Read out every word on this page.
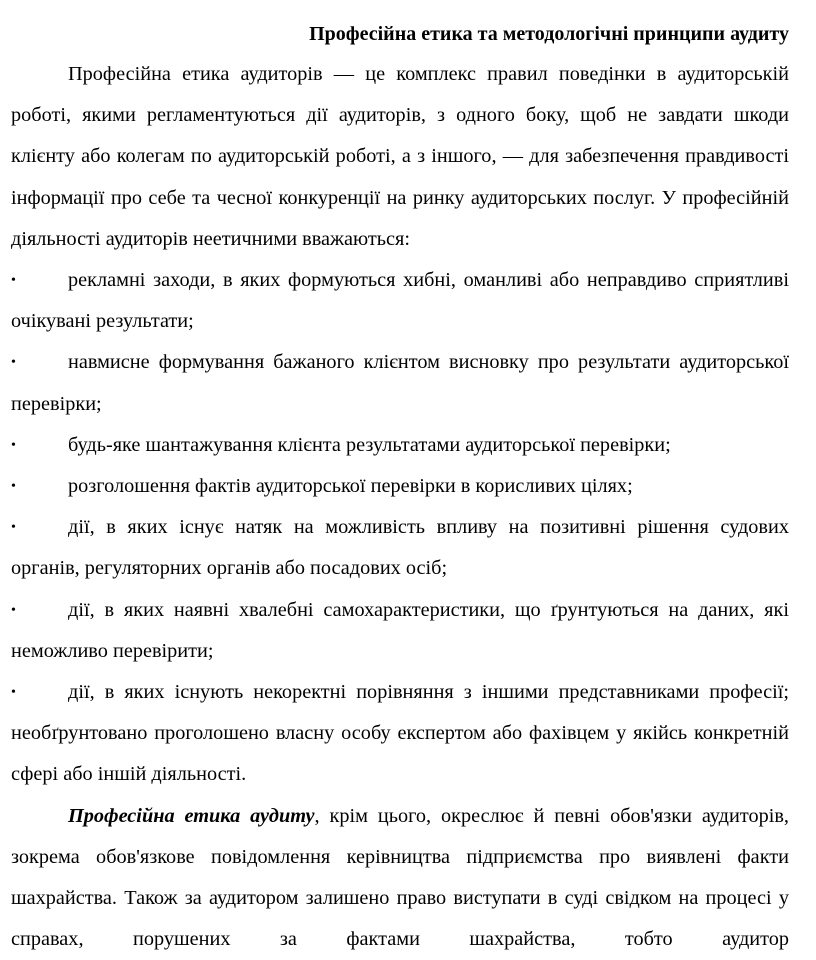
Професійна етика та методологічні принципи аудиту

Професійна етика аудиторів — це комплекс правил поведінки в аудиторській роботі, якими регламентуються дії аудиторів, з одного боку, щоб не завдати шкоди клієнту або колегам по аудиторській роботі, а з іншого, — для забезпечення правдивості інформації про себе та чесної конкуренції на ринку аудиторських послуг. У професійній діяльності аудиторів неетичними вважаються:

•	рекламні заходи, в яких формуються хибні, оманливі або неправдиво сприятливі очікувані результати;

•	навмисне формування бажаного клієнтом висновку про результати аудиторської перевірки;

•	будь-яке шантажування клієнта результатами аудиторської перевірки;

•	розголошення фактів аудиторської перевірки в корисливих цілях;

•	дії, в яких існує натяк на можливість впливу на позитивні рішення судових органів, регуляторних органів або посадових осіб;

•	дії, в яких наявні хвалебні самохарактеристики, що ґрунтуються на даних, які неможливо перевірити;

•	дії, в яких існують некоректні порівняння з іншими представниками професії; необґрунтовано проголошено власну особу експертом або фахівцем у якійсь конкретній сфері або іншій діяльності.

Професійна етика аудиту, крім цього, окреслює й певні обов'язки аудиторів, зокрема обов'язкове повідомлення керівництва підприємства про виявлені факти шахрайства. Також за аудитором залишено право виступати в суді свідком на процесі у справах, порушених за фактами шахрайства, тобто аудитор
